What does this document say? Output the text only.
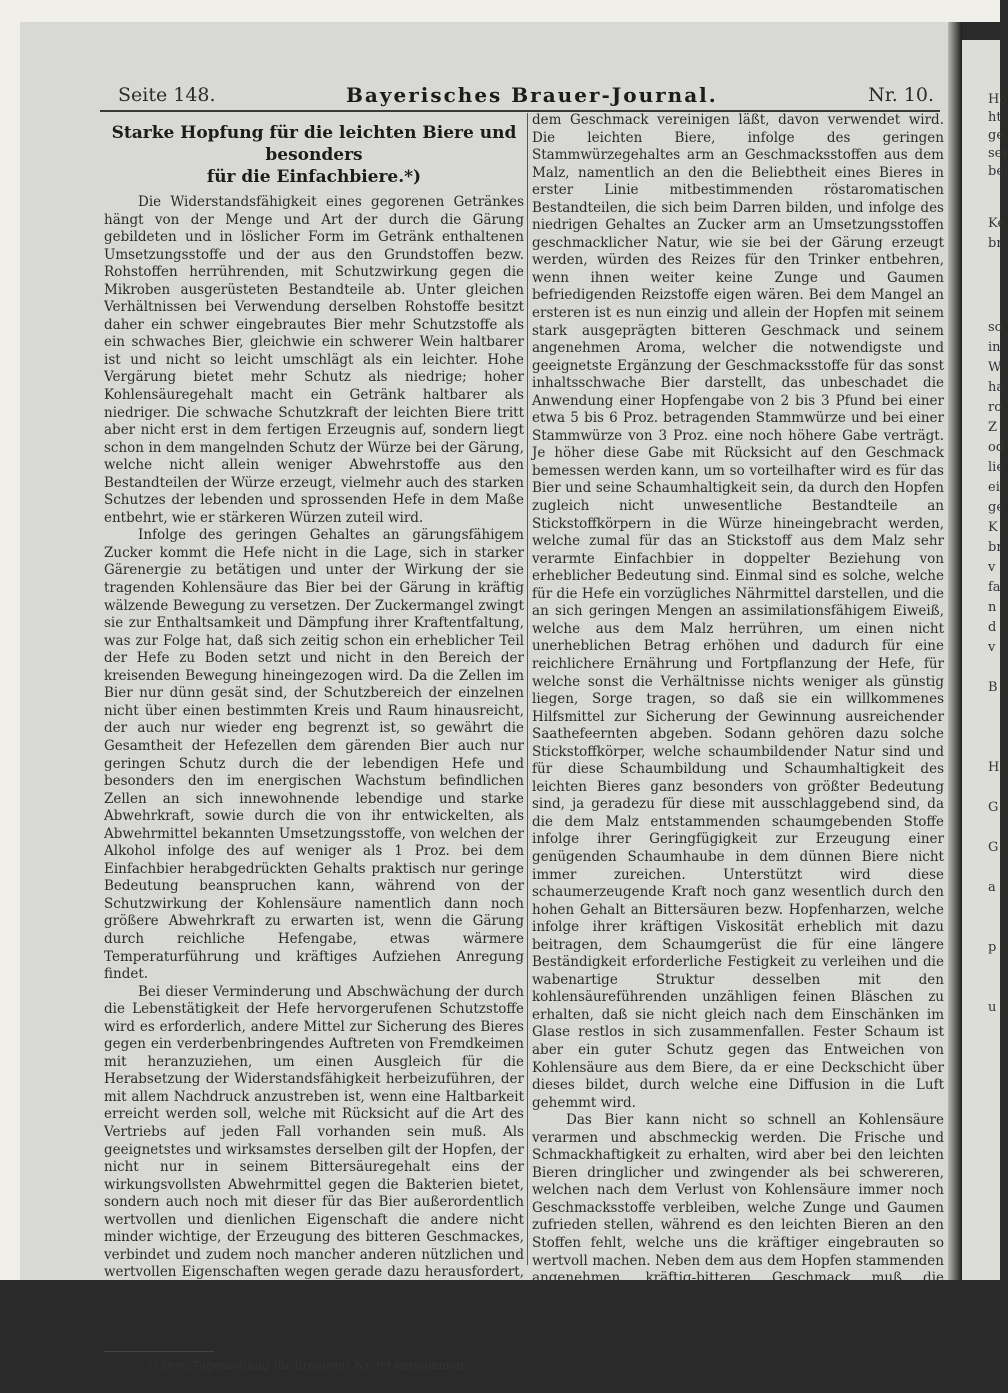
Ho
ht
ge
sei
bei
Ke
br
so
in
W
ha
ro
Z
od
lie
ei
ge
K
br
v
fa
n
d
v
B
H
G
G
a
p
u
Seite 148.	Bayerisches Brauer-Journal.	Nr. 10.
Starke Hopfung für die leichten Biere und besonders
für die Einfachbiere.*)

Die Widerstandsfähigkeit eines gegorenen Getränkes hängt von der Menge und Art der durch die Gärung gebildeten und in löslicher Form im Getränk enthaltenen Umsetzungsstoffe und der aus den Grundstoffen bezw. Rohstoffen herrührenden, mit Schutzwirkung gegen die Mikroben ausgerüsteten Bestandteile ab. Unter gleichen Verhältnissen bei Verwendung derselben Rohstoffe besitzt daher ein schwer eingebrautes Bier mehr Schutzstoffe als ein schwaches Bier, gleichwie ein schwerer Wein haltbarer ist und nicht so leicht umschlägt als ein leichter. Hohe Vergärung bietet mehr Schutz als niedrige; hoher Kohlensäuregehalt macht ein Getränk haltbarer als niedriger. Die schwache Schutzkraft der leichten Biere tritt aber nicht erst in dem fertigen Erzeugnis auf, sondern liegt schon in dem mangelnden Schutz der Würze bei der Gärung, welche nicht allein weniger Abwehrstoffe aus den Bestandteilen der Würze erzeugt, vielmehr auch des starken Schutzes der lebenden und sprossenden Hefe in dem Maße entbehrt, wie er stärkeren Würzen zuteil wird.

Infolge des geringen Gehaltes an gärungsfähigem Zucker kommt die Hefe nicht in die Lage, sich in starker Gärenergie zu betätigen und unter der Wirkung der sie tragenden Kohlensäure das Bier bei der Gärung in kräftig wälzende Bewegung zu versetzen. Der Zuckermangel zwingt sie zur Enthaltsamkeit und Dämpfung ihrer Kraftentfaltung, was zur Folge hat, daß sich zeitig schon ein erheblicher Teil der Hefe zu Boden setzt und nicht in den Bereich der kreisenden Bewegung hineingezogen wird. Da die Zellen im Bier nur dünn gesät sind, der Schutzbereich der einzelnen nicht über einen bestimmten Kreis und Raum hinausreicht, der auch nur wieder eng begrenzt ist, so gewährt die Gesamtheit der Hefezellen dem gärenden Bier auch nur geringen Schutz durch die der lebendigen Hefe und besonders den im energischen Wachstum befindlichen Zellen an sich innewohnende lebendige und starke Abwehrkraft, sowie durch die von ihr entwickelten, als Abwehrmittel bekannten Umsetzungsstoffe, von welchen der Alkohol infolge des auf weniger als 1 Proz. bei dem Einfachbier herabgedrückten Gehalts praktisch nur geringe Bedeutung beanspruchen kann, während von der Schutzwirkung der Kohlensäure namentlich dann noch größere Abwehrkraft zu erwarten ist, wenn die Gärung durch reichliche Hefengabe, etwas wärmere Temperaturführung und kräftiges Aufziehen Anregung findet.

Bei dieser Verminderung und Abschwächung der durch die Lebenstätigkeit der Hefe hervorgerufenen Schutzstoffe wird es erforderlich, andere Mittel zur Sicherung des Bieres gegen ein verderbenbringendes Auftreten von Fremdkeimen mit heranzuziehen, um einen Ausgleich für die Herabsetzung der Widerstandsfähigkeit herbeizuführen, der mit allem Nachdruck anzustreben ist, wenn eine Haltbarkeit erreicht werden soll, welche mit Rücksicht auf die Art des Vertriebs auf jeden Fall vorhanden sein muß. Als geeignetstes und wirksamstes derselben gilt der Hopfen, der nicht nur in seinem Bittersäuregehalt eins der wirkungsvollsten Abwehrmittel gegen die Bakterien bietet, sondern auch noch mit dieser für das Bier außerordentlich wertvollen und dienlichen Eigenschaft die andere nicht minder wichtige, der Erzeugung des bitteren Geschmackes, verbindet und zudem noch mancher anderen nützlichen und wertvollen Eigenschaften wegen gerade dazu herausfordert, daß für die Herstellung von leichten Bieren, und vor allem von Einfachbieren, so viel als irgendwie angängig ist und sich mit

*) Der „Tageszeitung für Brauerei“ Nr. 99 entnommen.

dem Geschmack vereinigen läßt, davon verwendet wird. Die leichten Biere, infolge des geringen Stammwürzegehaltes arm an Geschmacksstoffen aus dem Malz, namentlich an den die Beliebtheit eines Bieres in erster Linie mitbestimmenden röstaromatischen Bestandteilen, die sich beim Darren bilden, und infolge des niedrigen Gehaltes an Zucker arm an Umsetzungsstoffen geschmacklicher Natur, wie sie bei der Gärung erzeugt werden, würden des Reizes für den Trinker entbehren, wenn ihnen weiter keine Zunge und Gaumen befriedigenden Reizstoffe eigen wären. Bei dem Mangel an ersteren ist es nun einzig und allein der Hopfen mit seinem stark ausgeprägten bitteren Geschmack und seinem angenehmen Aroma, welcher die notwendigste und geeignetste Ergänzung der Geschmacksstoffe für das sonst inhaltsschwache Bier darstellt, das unbeschadet die Anwendung einer Hopfengabe von 2 bis 3 Pfund bei einer etwa 5 bis 6 Proz. betragenden Stammwürze und bei einer Stammwürze von 3 Proz. eine noch höhere Gabe verträgt. Je höher diese Gabe mit Rücksicht auf den Geschmack bemessen werden kann, um so vorteilhafter wird es für das Bier und seine Schaumhaltigkeit sein, da durch den Hopfen zugleich nicht unwesentliche Bestandteile an Stickstoffkörpern in die Würze hineingebracht werden, welche zumal für das an Stickstoff aus dem Malz sehr verarmte Einfachbier in doppelter Beziehung von erheblicher Bedeutung sind. Einmal sind es solche, welche für die Hefe ein vorzügliches Nährmittel darstellen, und die an sich geringen Mengen an assimilationsfähigem Eiweiß, welche aus dem Malz herrühren, um einen nicht unerheblichen Betrag erhöhen und dadurch für eine reichlichere Ernährung und Fortpflanzung der Hefe, für welche sonst die Verhältnisse nichts weniger als günstig liegen, Sorge tragen, so daß sie ein willkommenes Hilfsmittel zur Sicherung der Gewinnung ausreichender Saathefeernten abgeben. Sodann gehören dazu solche Stickstoffkörper, welche schaumbildender Natur sind und für diese Schaumbildung und Schaumhaltigkeit des leichten Bieres ganz besonders von größter Bedeutung sind, ja geradezu für diese mit ausschlaggebend sind, da die dem Malz entstammenden schaumgebenden Stoffe infolge ihrer Geringfügigkeit zur Erzeugung einer genügenden Schaumhaube in dem dünnen Biere nicht immer zureichen. Unterstützt wird diese schaumerzeugende Kraft noch ganz wesentlich durch den hohen Gehalt an Bittersäuren bezw. Hopfenharzen, welche infolge ihrer kräftigen Viskosität erheblich mit dazu beitragen, dem Schaumgerüst die für eine längere Beständigkeit erforderliche Festigkeit zu verleihen und die wabenartige Struktur desselben mit den kohlensäureführenden unzähligen feinen Bläschen zu erhalten, daß sie nicht gleich nach dem Einschänken im Glase restlos in sich zusammenfallen. Fester Schaum ist aber ein guter Schutz gegen das Entweichen von Kohlensäure aus dem Biere, da er eine Deckschicht über dieses bildet, durch welche eine Diffusion in die Luft gehemmt wird.

Das Bier kann nicht so schnell an Kohlensäure verarmen und abschmeckig werden. Die Frische und Schmackhaftigkeit zu erhalten, wird aber bei den leichten Bieren dringlicher und zwingender als bei schwereren, welchen nach dem Verlust von Kohlensäure immer noch Geschmacksstoffe verbleiben, welche Zunge und Gaumen zufrieden stellen, während es den leichten Bieren an den Stoffen fehlt, welche uns die kräftiger eingebrauten so wertvoll machen. Neben dem aus dem Hopfen stammenden angenehmen, kräftig-bitteren Geschmack muß die Kohlensäure vor allem ein Gegengewicht gegen diesen Mangel bilden, und darum wird es erforderlich, mit größtem Nachdruck dahin zu arbeiten, nicht nur dem leichten Bier einen möglichst hohen Kohlensäuregehalt zu geben, sondern ihn auch möglichst lange im Biere festzuhalten. In dem
